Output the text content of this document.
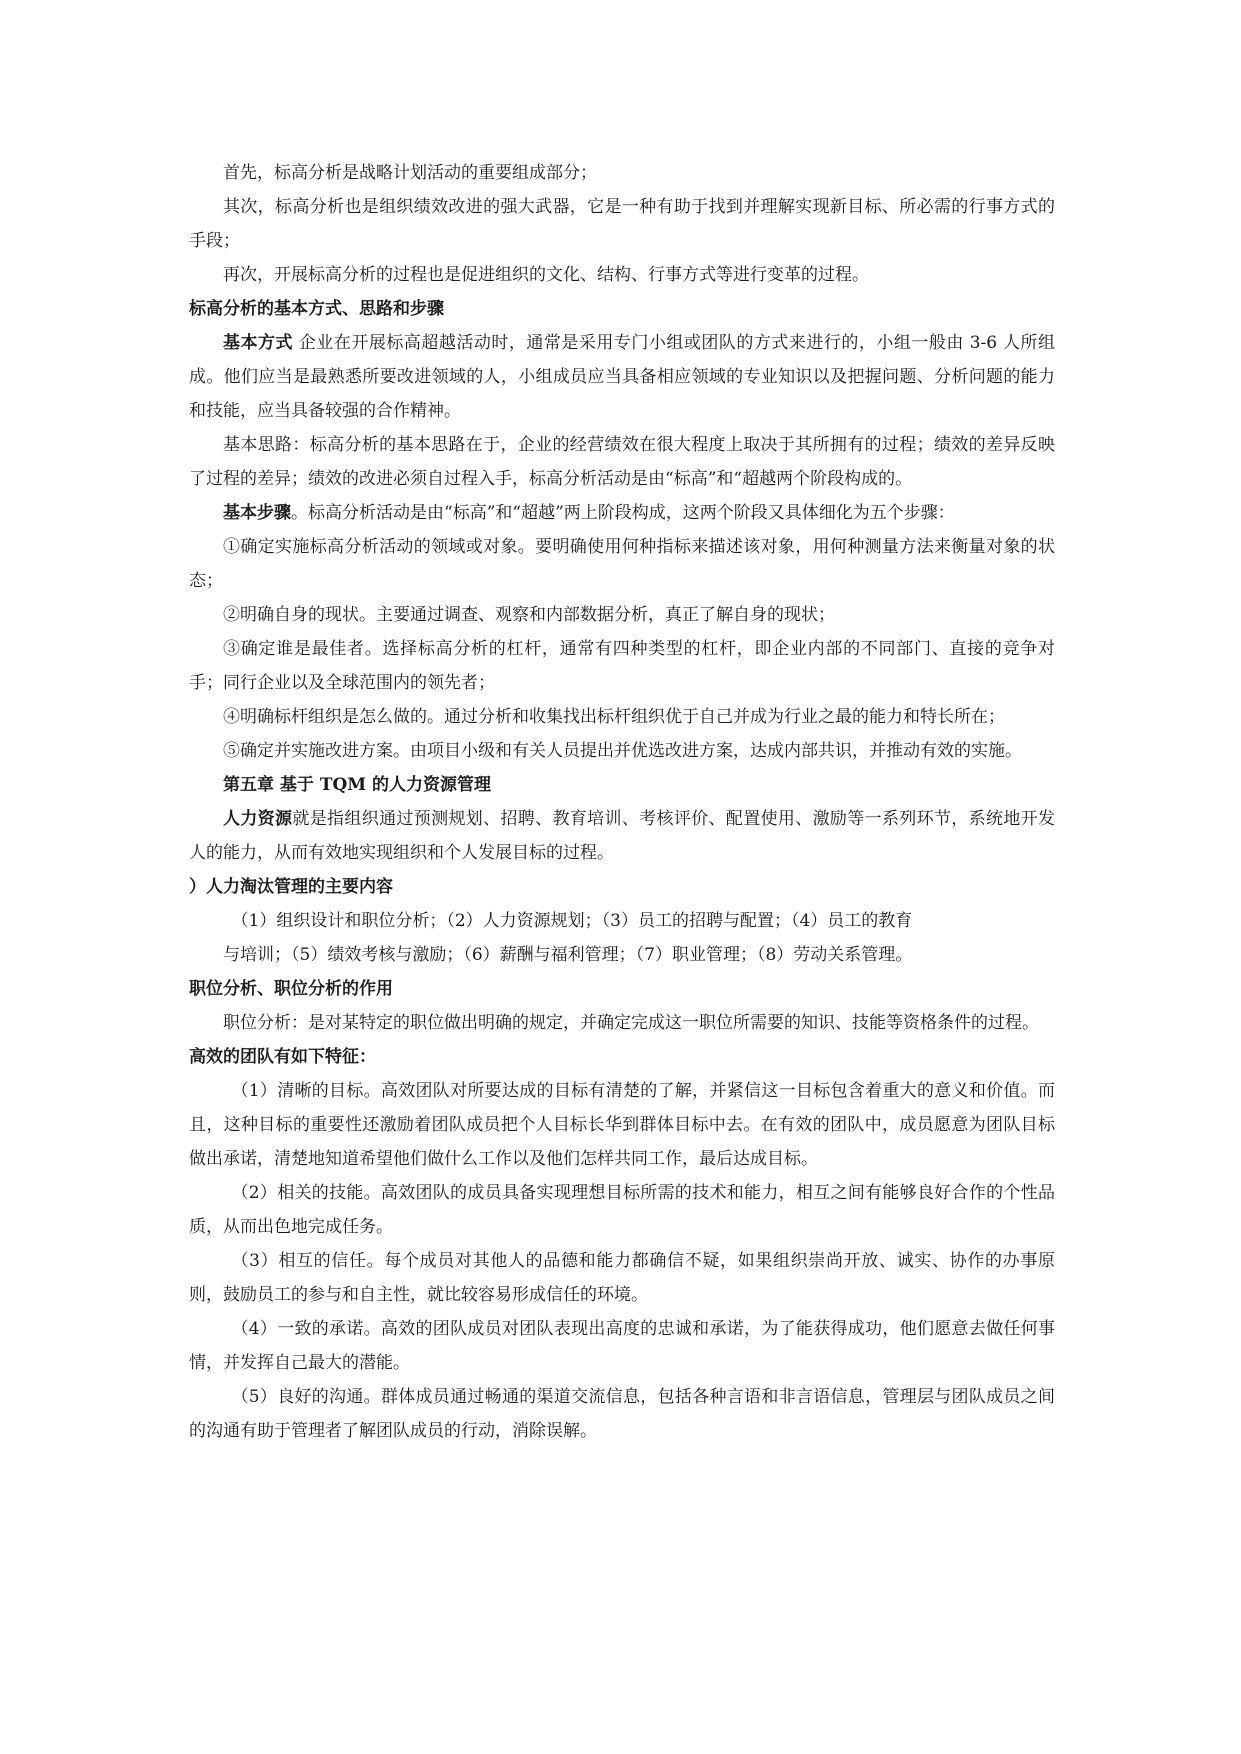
首先，标高分析是战略计划活动的重要组成部分；

其次，标高分析也是组织绩效改进的强大武器，它是一种有助于找到并理解实现新目标、所必需的行事方式的手段；

再次，开展标高分析的过程也是促进组织的文化、结构、行事方式等进行变革的过程。

标高分析的基本方式、思路和步骤

基本方式 企业在开展标高超越活动时，通常是采用专门小组或团队的方式来进行的，小组一般由 3-6 人所组成。他们应当是最熟悉所要改进领域的人，小组成员应当具备相应领域的专业知识以及把握问题、分析问题的能力和技能，应当具备较强的合作精神。

基本思路：标高分析的基本思路在于，企业的经营绩效在很大程度上取决于其所拥有的过程；绩效的差异反映了过程的差异；绩效的改进必须自过程入手，标高分析活动是由“标高”和“超越两个阶段构成的。

基本步骤。标高分析活动是由“标高”和“超越”两上阶段构成，这两个阶段又具体细化为五个步骤：

①确定实施标高分析活动的领域或对象。要明确使用何种指标来描述该对象，用何种测量方法来衡量对象的状态；

②明确自身的现状。主要通过调查、观察和内部数据分析，真正了解自身的现状；

③确定谁是最佳者。选择标高分析的杠杆，通常有四种类型的杠杆，即企业内部的不同部门、直接的竞争对手；同行企业以及全球范围内的领先者；

④明确标杆组织是怎么做的。通过分析和收集找出标杆组织优于自己并成为行业之最的能力和特长所在；

⑤确定并实施改进方案。由项目小级和有关人员提出并优选改进方案，达成内部共识，并推动有效的实施。

第五章 基于 TQM 的人力资源管理

人力资源就是指组织通过预测规划、招聘、教育培训、考核评价、配置使用、激励等一系列环节，系统地开发人的能力，从而有效地实现组织和个人发展目标的过程。

）人力淘汰管理的主要内容

（1）组织设计和职位分析；（2）人力资源规划；（3）员工的招聘与配置；（4）员工的教育

与培训；（5）绩效考核与激励；（6）薪酬与福利管理；（7）职业管理；（8）劳动关系管理。

职位分析、职位分析的作用

职位分析：是对某特定的职位做出明确的规定，并确定完成这一职位所需要的知识、技能等资格条件的过程。

高效的团队有如下特征：

（1）清晰的目标。高效团队对所要达成的目标有清楚的了解，并紧信这一目标包含着重大的意义和价值。而且，这种目标的重要性还激励着团队成员把个人目标长华到群体目标中去。在有效的团队中，成员愿意为团队目标做出承诺，清楚地知道希望他们做什么工作以及他们怎样共同工作，最后达成目标。

（2）相关的技能。高效团队的成员具备实现理想目标所需的技术和能力，相互之间有能够良好合作的个性品质，从而出色地完成任务。

（3）相互的信任。每个成员对其他人的品德和能力都确信不疑，如果组织崇尚开放、诚实、协作的办事原则，鼓励员工的参与和自主性，就比较容易形成信任的环境。

（4）一致的承诺。高效的团队成员对团队表现出高度的忠诚和承诺，为了能获得成功，他们愿意去做任何事情，并发挥自己最大的潜能。

（5）良好的沟通。群体成员通过畅通的渠道交流信息，包括各种言语和非言语信息，管理层与团队成员之间的沟通有助于管理者了解团队成员的行动，消除误解。
